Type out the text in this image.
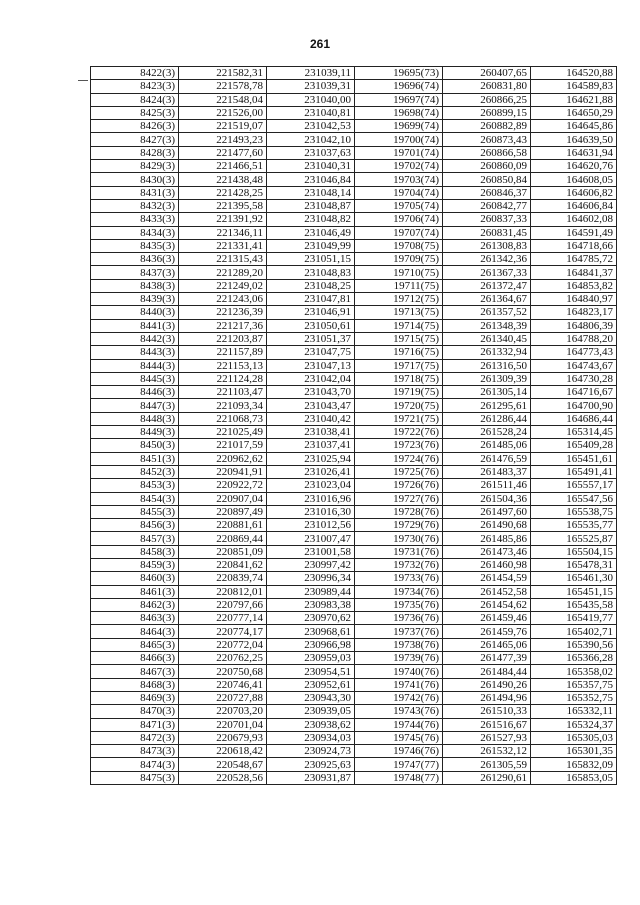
261
8422(3)	221582,31	231039,11	19695(73)	260407,65	164520,88
8423(3)	221578,78	231039,31	19696(74)	260831,80	164589,83
8424(3)	221548,04	231040,00	19697(74)	260866,25	164621,88
8425(3)	221526,00	231040,81	19698(74)	260899,15	164650,29
8426(3)	221519,07	231042,53	19699(74)	260882,89	164645,86
8427(3)	221493,23	231042,10	19700(74)	260873,43	164639,50
8428(3)	221477,60	231037,63	19701(74)	260866,58	164631,94
8429(3)	221466,51	231040,31	19702(74)	260860,09	164620,76
8430(3)	221438,48	231046,84	19703(74)	260850,84	164608,05
8431(3)	221428,25	231048,14	19704(74)	260846,37	164606,82
8432(3)	221395,58	231048,87	19705(74)	260842,77	164606,84
8433(3)	221391,92	231048,82	19706(74)	260837,33	164602,08
8434(3)	221346,11	231046,49	19707(74)	260831,45	164591,49
8435(3)	221331,41	231049,99	19708(75)	261308,83	164718,66
8436(3)	221315,43	231051,15	19709(75)	261342,36	164785,72
8437(3)	221289,20	231048,83	19710(75)	261367,33	164841,37
8438(3)	221249,02	231048,25	19711(75)	261372,47	164853,82
8439(3)	221243,06	231047,81	19712(75)	261364,67	164840,97
8440(3)	221236,39	231046,91	19713(75)	261357,52	164823,17
8441(3)	221217,36	231050,61	19714(75)	261348,39	164806,39
8442(3)	221203,87	231051,37	19715(75)	261340,45	164788,20
8443(3)	221157,89	231047,75	19716(75)	261332,94	164773,43
8444(3)	221153,13	231047,13	19717(75)	261316,50	164743,67
8445(3)	221124,28	231042,04	19718(75)	261309,39	164730,28
8446(3)	221103,47	231043,70	19719(75)	261305,14	164716,67
8447(3)	221093,34	231043,47	19720(75)	261295,61	164700,90
8448(3)	221068,73	231040,42	19721(75)	261286,44	164686,44
8449(3)	221025,49	231038,41	19722(76)	261528,24	165314,45
8450(3)	221017,59	231037,41	19723(76)	261485,06	165409,28
8451(3)	220962,62	231025,94	19724(76)	261476,59	165451,61
8452(3)	220941,91	231026,41	19725(76)	261483,37	165491,41
8453(3)	220922,72	231023,04	19726(76)	261511,46	165557,17
8454(3)	220907,04	231016,96	19727(76)	261504,36	165547,56
8455(3)	220897,49	231016,30	19728(76)	261497,60	165538,75
8456(3)	220881,61	231012,56	19729(76)	261490,68	165535,77
8457(3)	220869,44	231007,47	19730(76)	261485,86	165525,87
8458(3)	220851,09	231001,58	19731(76)	261473,46	165504,15
8459(3)	220841,62	230997,42	19732(76)	261460,98	165478,31
8460(3)	220839,74	230996,34	19733(76)	261454,59	165461,30
8461(3)	220812,01	230989,44	19734(76)	261452,58	165451,15
8462(3)	220797,66	230983,38	19735(76)	261454,62	165435,58
8463(3)	220777,14	230970,62	19736(76)	261459,46	165419,77
8464(3)	220774,17	230968,61	19737(76)	261459,76	165402,71
8465(3)	220772,04	230966,98	19738(76)	261465,06	165390,56
8466(3)	220762,25	230959,03	19739(76)	261477,39	165366,28
8467(3)	220750,68	230954,51	19740(76)	261484,44	165358,02
8468(3)	220746,41	230952,61	19741(76)	261490,26	165357,75
8469(3)	220727,88	230943,30	19742(76)	261494,96	165352,75
8470(3)	220703,20	230939,05	19743(76)	261510,33	165332,11
8471(3)	220701,04	230938,62	19744(76)	261516,67	165324,37
8472(3)	220679,93	230934,03	19745(76)	261527,93	165305,03
8473(3)	220618,42	230924,73	19746(76)	261532,12	165301,35
8474(3)	220548,67	230925,63	19747(77)	261305,59	165832,09
8475(3)	220528,56	230931,87	19748(77)	261290,61	165853,05
